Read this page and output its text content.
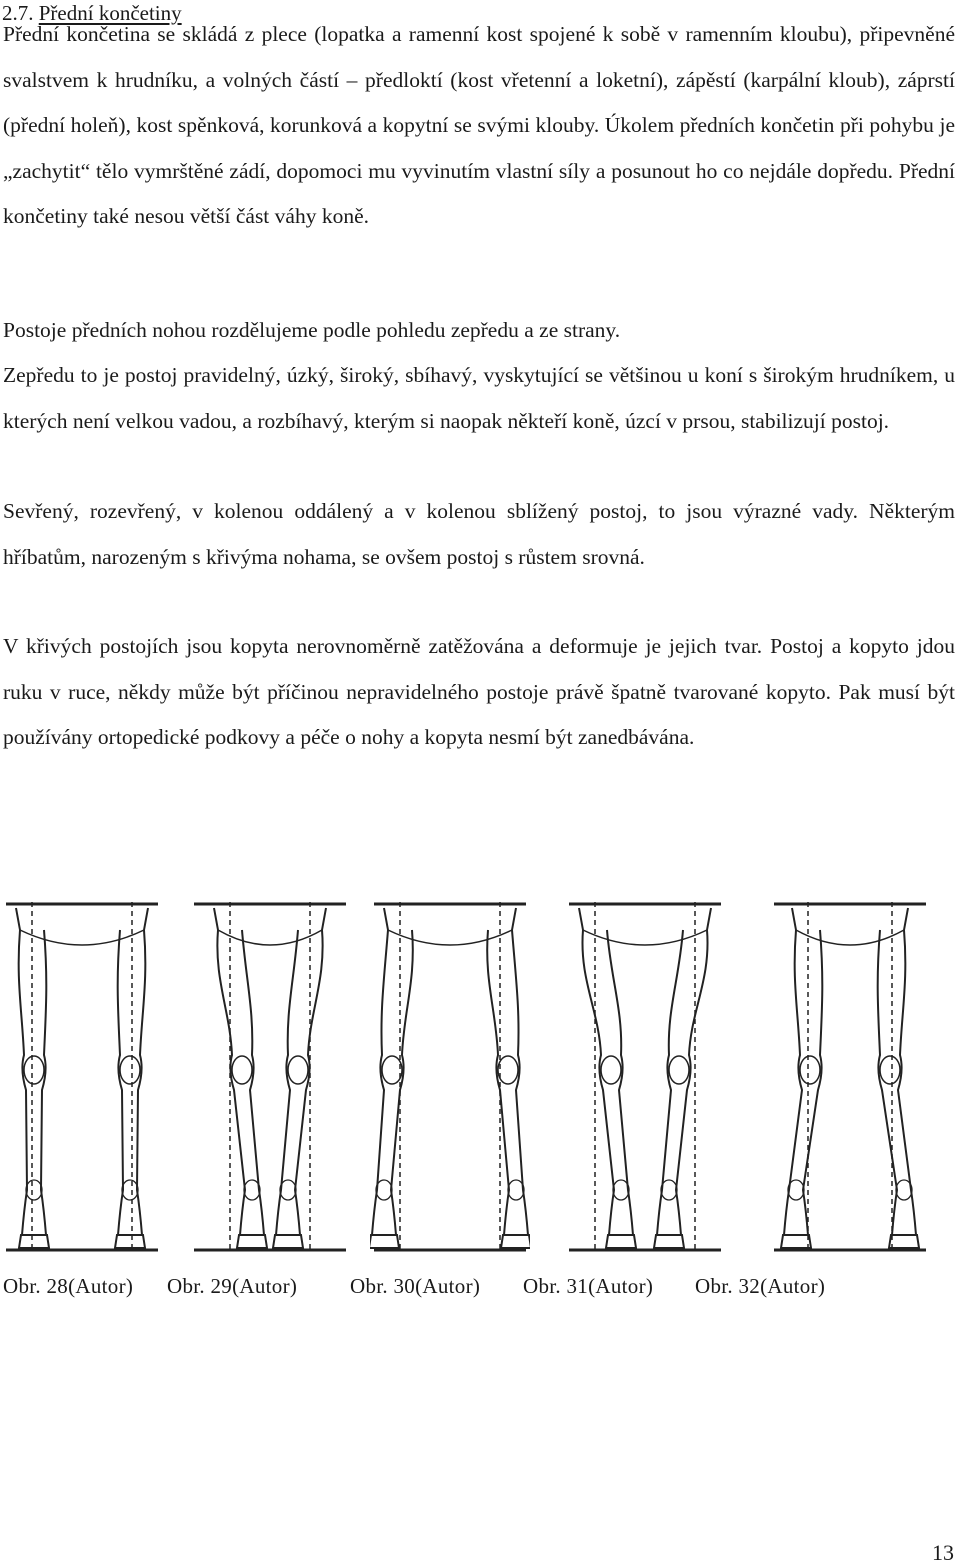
2.7. Přední končetiny

Přední končetina se skládá z plece (lopatka a ramenní kost spojené k sobě v ramenním kloubu), připevněné svalstvem k hrudníku, a volných částí – předloktí (kost vřetenní a loketní), zápěstí (karpální kloub), záprstí (přední holeň), kost spěnková, korunková a kopytní se svými klouby. Úkolem předních končetin při pohybu je „zachytit“ tělo vymrštěné zádí, dopomoci mu vyvinutím vlastní síly a posunout ho co nejdále dopředu. Přední končetiny také nesou větší část váhy koně.

Postoje předních nohou rozdělujeme podle pohledu zepředu a ze strany.

Zepředu to je postoj pravidelný, úzký, široký, sbíhavý, vyskytující se většinou u koní s širokým hrudníkem, u kterých není velkou vadou, a rozbíhavý, kterým si naopak někteří koně, úzcí v prsou, stabilizují postoj.

Sevřený, rozevřený, v kolenou oddálený a v kolenou sblížený postoj, to jsou výrazné vady. Některým hříbatům, narozeným s křivýma nohama, se ovšem postoj s růstem srovná.

V křivých postojích jsou kopyta nerovnoměrně zatěžována a deformuje je jejich tvar. Postoj a kopyto jdou ruku v ruce, někdy může být příčinou nepravidelného postoje právě špatně tvarované kopyto. Pak musí být používány ortopedické podkovy a péče o nohy a kopyta nesmí být zanedbávána.

Obr. 28(Autor) Obr. 29(Autor)	Obr. 30(Autor) Obr. 31(Autor) Obr. 32(Autor)
13
